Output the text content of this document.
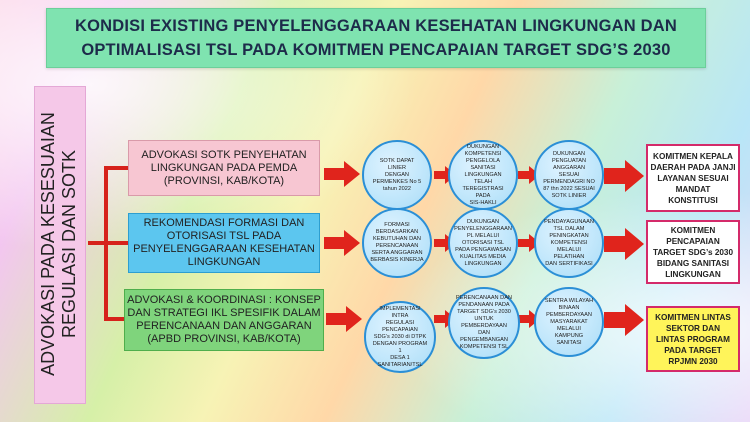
KONDISI EXISTING PENYELENGGARAAN KESEHATAN LINGKUNGAN DAN
OPTIMALISASI TSL PADA KOMITMEN PENCAPAIAN TARGET SDG’S 2030
ADVOKASI PADA KESESUAIAN REGULASI DAN SOTK	ADVOKASI SOTK PENYEHATAN
LINGKUNGAN PADA PEMDA
(PROVINSI, KAB/KOTA)
REKOMENDASI FORMASI DAN
OTORISASI TSL PADA
PENYELENGGARAAN KESEHATAN
LINGKUNGAN
ADVOKASI & KOORDINASI : KONSEP
DAN STRATEGI IKL SPESIFIK DALAM
PERENCANAAN DAN ANGGARAN
(APBD PROVINSI, KAB/KOTA)
SOTK DAPAT LINIER
DENGAN
PERMENKES No 5
tahun 2022
DUKUNGAN
KOMPETENSI
PENGELOLA
SANITASI
LINGKUNGAN TELAH
TEREGISTRASI PADA
SIS-HAKLI
DUKUNGAN
PENGUATAN
ANGGARAN SESUAI
PERMENDAGRI NO
87 thn 2022 SESUAI
SOTK LINIER
FORMASI
BERDASARKAN
KEBUTUHAN DAN
PERENCANAAN
SERTA ANGGARAN
BERBASIS KINERJA
DUKUNGAN
PENYELENGGARAAN
PL MELALUI
OTORISASI TSL
PADA PENGAWASAN
KUALITAS MEDIA
LINGKUNGAN
PENDAYAGUNAAN
TSL DALAM
PENINGKATAN
KOMPETENSI
MELALUI PELATIHAN
DAN SERTIFIKASI
IMPLEMENTASI INTRA
REGULASI PENCAPAIAN
SDG’s 2030 di DTPK
DENGAN PROGRAM 1
DESA 1
SANITARIAN/TSL
PERENCANAAN DAN
PENDANAAN PADA
TARGET SDG’s 2030
UNTUK
PEMBERDAYAAN DAN
PENGEMBANGAN
KOMPETENSI TSL
SENTRA WILAYAH
BINAAN
PEMBERDAYAAN
MASYARAKAT MELALUI
KAMPUNG SANITASI
KOMITMEN KEPALA
DAERAH PADA JANJI
LAYANAN SESUAI
MANDAT
KONSTITUSI
KOMITMEN
PENCAPAIAN
TARGET SDG’s 2030
BIDANG SANITASI
LINGKUNGAN
KOMITMEN LINTAS
SEKTOR DAN
LINTAS PROGRAM
PADA TARGET
RPJMN 2030
